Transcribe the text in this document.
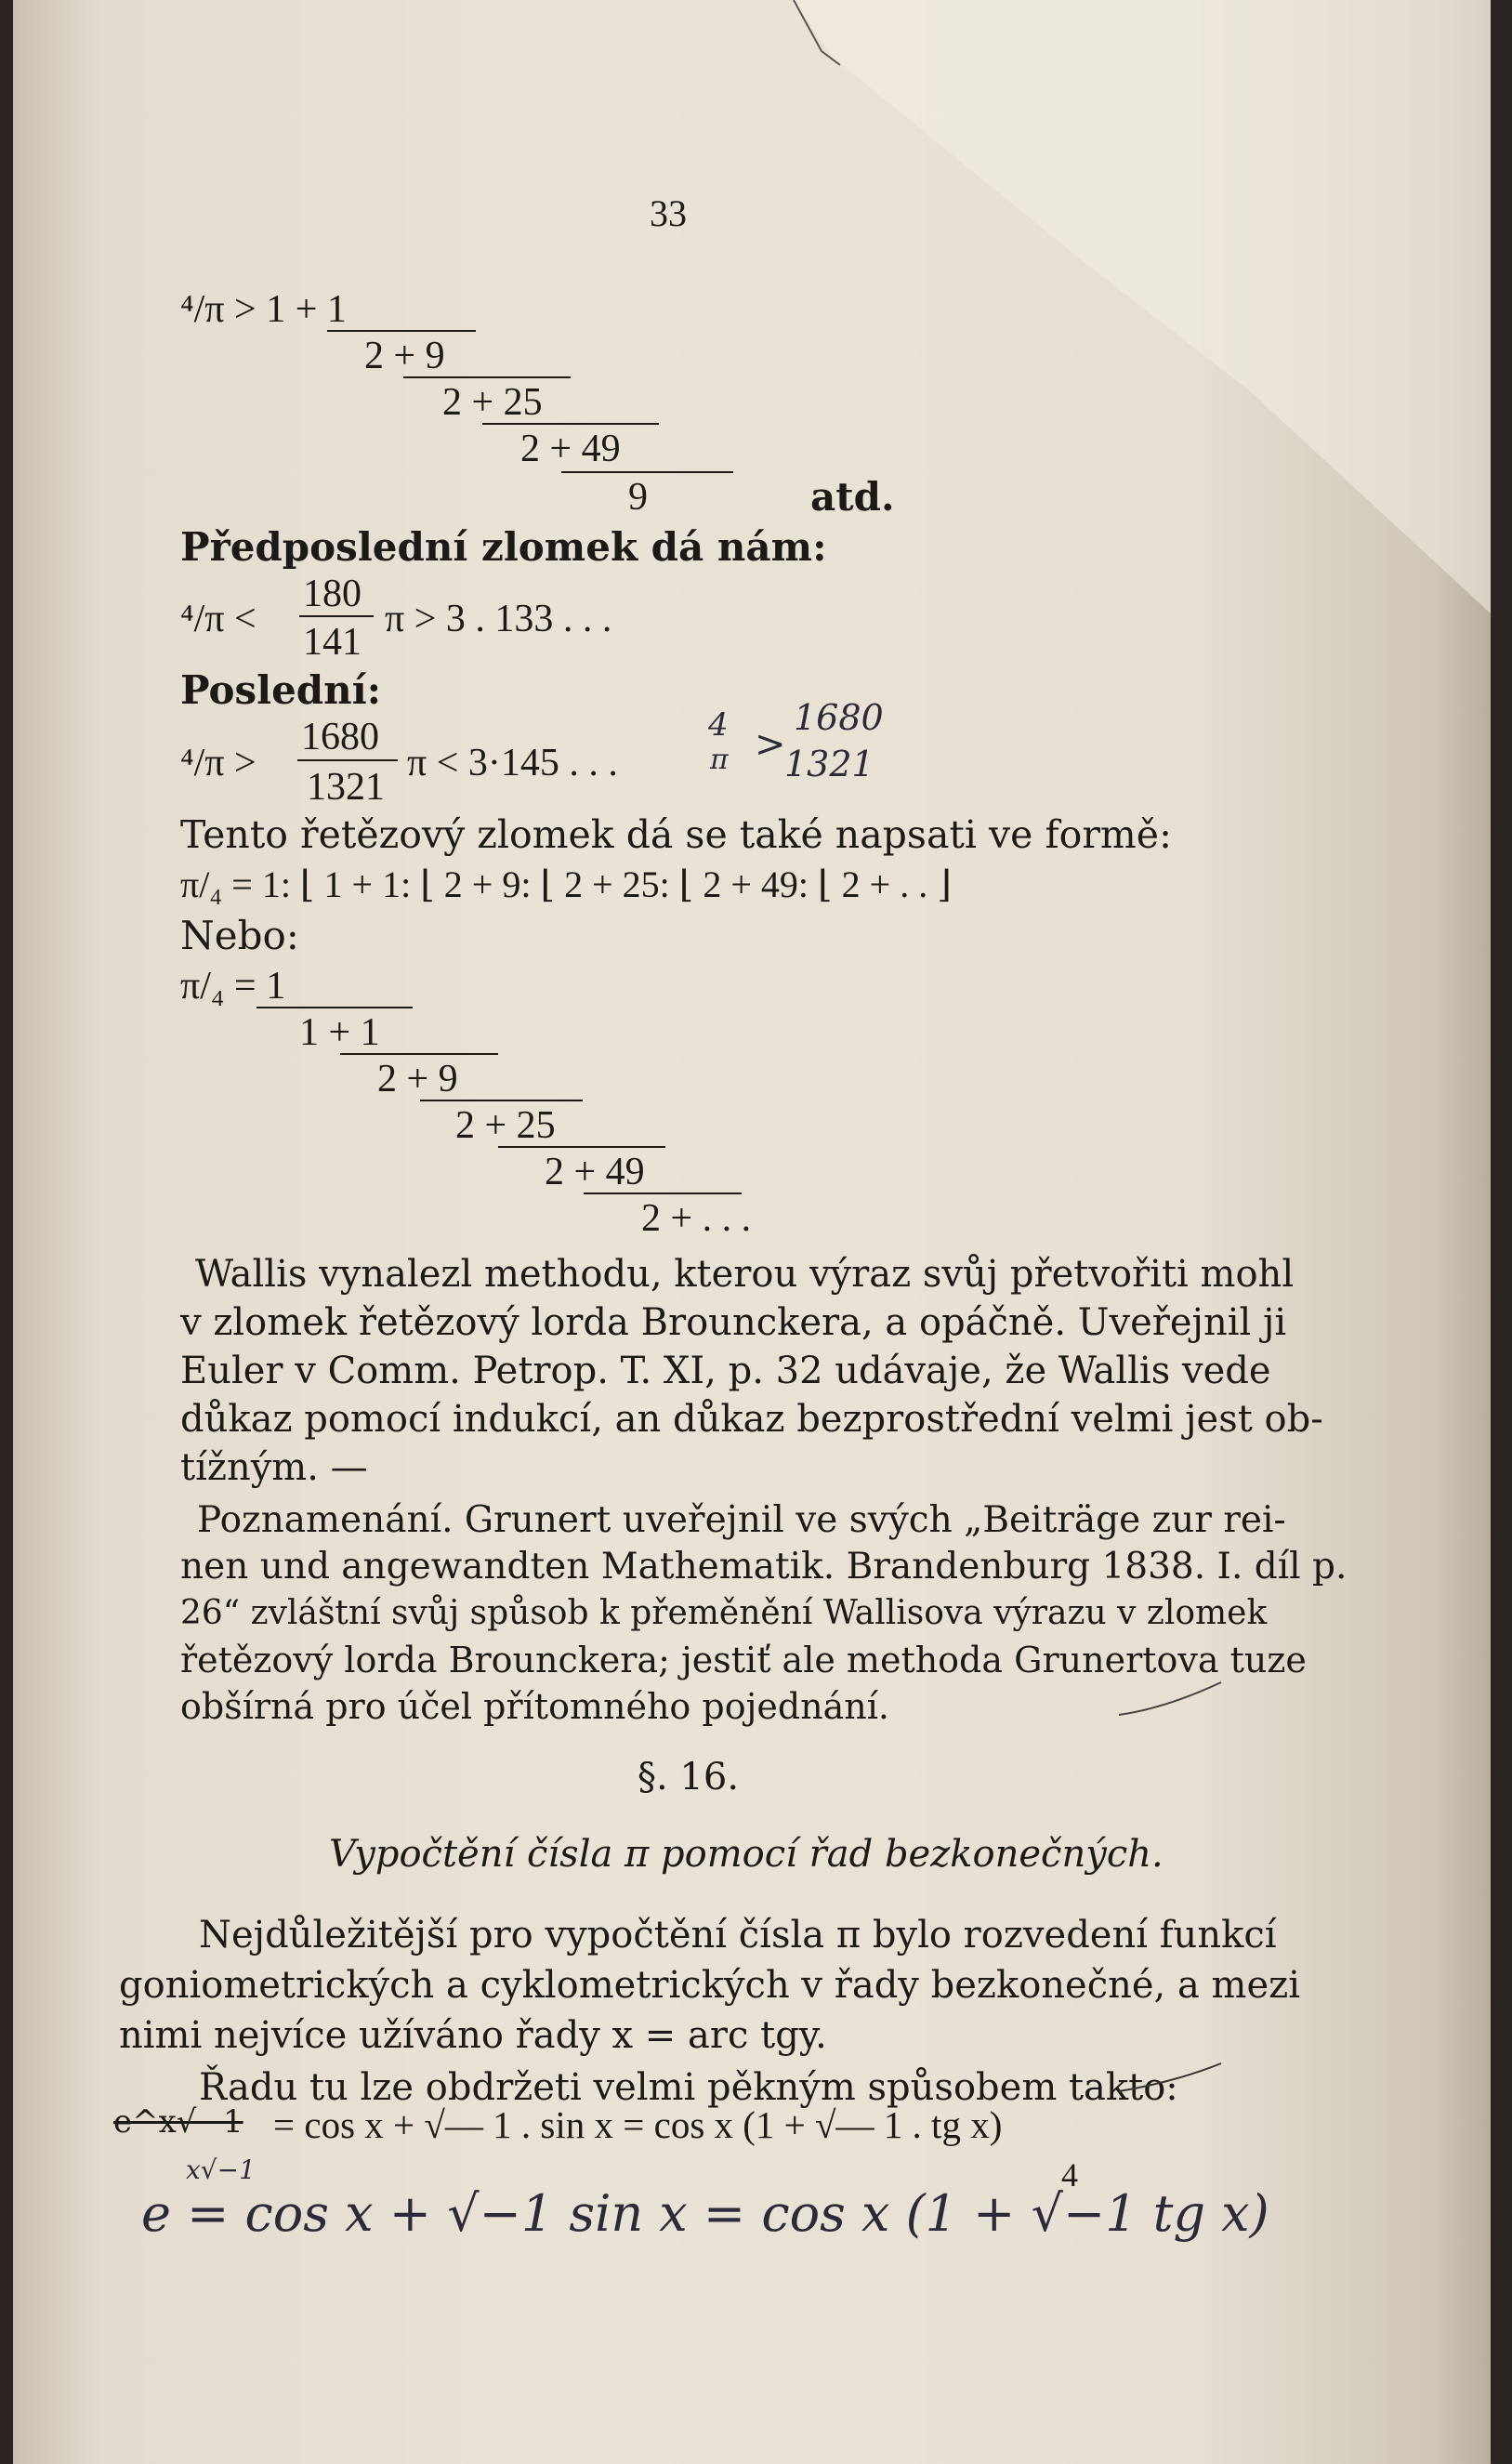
33
⁴/π > 1 + 1
2 + 9
2 + 25
2 + 49
9	atd.
Předposlední zlomek dá nám:
⁴/π <
180
141
π > 3 . 133 . . .
Poslední:
⁴/π >
1680
1321
π < 3·145 . . .
4
π >
1680
1321
Tento řetězový zlomek dá se také napsati ve formě:
π/₄ = 1: ⌊ 1 + 1: ⌊ 2 + 9: ⌊ 2 + 25: ⌊ 2 + 49: ⌊ 2 + . . ⌋
Nebo:
π/₄ = 1
1 + 1
2 + 9
2 + 25
2 + 49
2 + . . .
Wallis vynalezl methodu, kterou výraz svůj přetvořiti mohl
v zlomek řetězový lorda Brounckera, a opáčně. Uveřejnil ji
Euler v Comm. Petrop. T. XI, p. 32 udávaje, že Wallis vede
důkaz pomocí indukcí, an důkaz bezprostřední velmi jest ob-
tížným. —
Poznamenání. Grunert uveřejnil ve svých „Beiträge zur rei-
nen und angewandten Mathematik. Brandenburg 1838. I. díl p.
26“ zvláštní svůj spůsob k přeměnění Wallisova výrazu v zlomek
řetězový lorda Brounckera; jestiť ale methoda Grunertova tuze
obšírná pro účel přítomného pojednání.
§. 16.
Vypočtění čísla π pomocí řad bezkonečných.
Nejdůležitější pro vypočtění čísla π bylo rozvedení funkcí
goniometrických a cyklometrických v řady bezkonečné, a mezi
nimi nejvíce užíváno řady x = arc tgy.
Řadu tu lze obdržeti velmi pěkným spůsobem takto:
e^x√−1 = cos x + √— 1 . sin x = cos x (1 + √— 1 . tg x)
4
x√−1
e = cos x + √−1 sin x = cos x (1 + √−1 tg x)
